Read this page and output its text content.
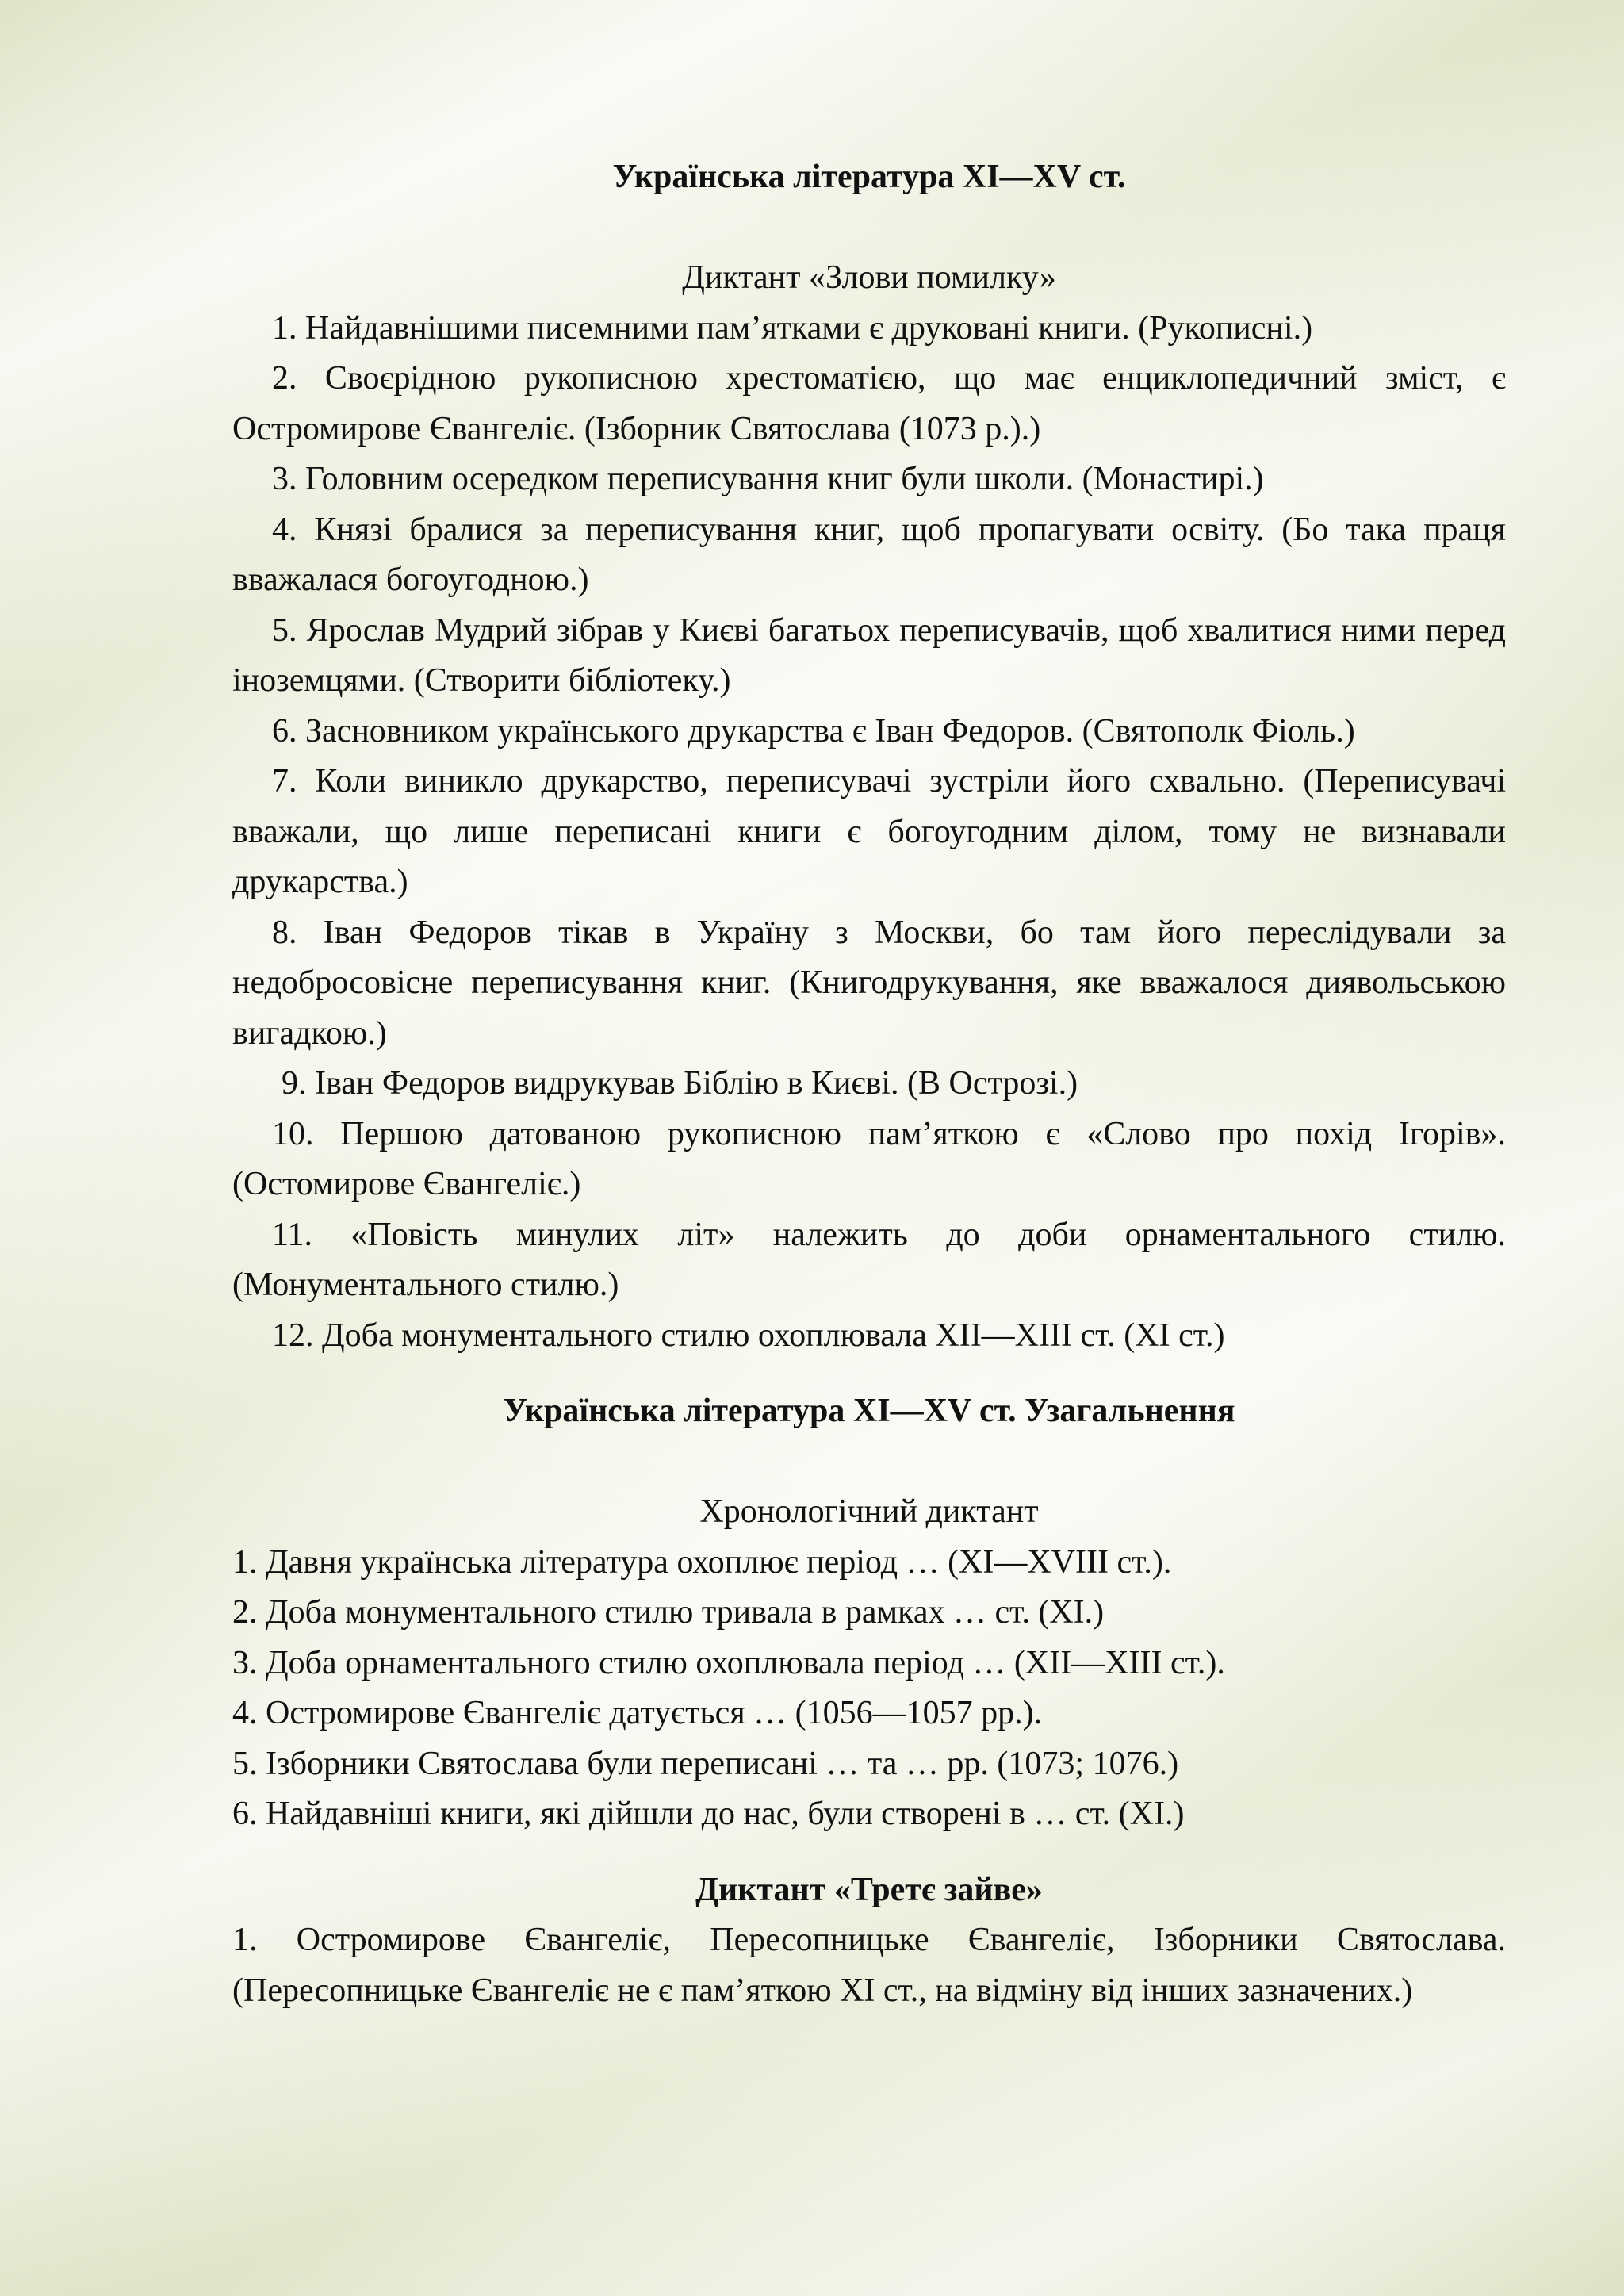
Українська література XI—XV ст.
Диктант «Злови помилку»
1. Найдавнішими писемними пам’ятками є друковані книги. (Рукописні.)
2. Своєрідною рукописною хрестоматією, що має енциклопедичний зміст, є Остромирове Євангеліє. (Ізборник Святослава (1073 р.).)
3. Головним осередком переписування книг були школи. (Монастирі.)
4. Князі бралися за переписування книг, щоб пропагувати освіту. (Бо така праця вважалася богоугодною.)
5. Ярослав Мудрий зібрав у Києві багатьох переписувачів, щоб хвалитися ними перед іноземцями. (Створити бібліотеку.)
6. Засновником українського друкарства є Іван Федоров. (Святополк Фіоль.)
7. Коли виникло друкарство, переписувачі зустріли його схвально. (Переписувачі вважали, що лише переписані книги є богоугодним ділом, тому не визнавали друкарства.)
8. Іван Федоров тікав в Україну з Москви, бо там його переслідували за недобросовісне переписування книг. (Книгодрукування, яке вважалося диявольською вигадкою.)
9. Іван Федоров видрукував Біблію в Києві. (В Острозі.)
10. Першою датованою рукописною пам’яткою є «Слово про похід Ігорів». (Остомирове Євангеліє.)
11. «Повість минулих літ» належить до доби орнаментального стилю. (Монументального стилю.)
12. Доба монументального стилю охоплювала XII—XIII ст. (XI ст.)
Українська література XI—XV ст. Узагальнення
Хронологічний диктант
1. Давня українська література охоплює період … (XI—XVIII ст.).
2. Доба монументального стилю тривала в рамках … ст. (XI.)
3. Доба орнаментального стилю охоплювала період … (XII—XIII ст.).
4. Остромирове Євангеліє датується … (1056—1057 рр.).
5. Ізборники Святослава були переписані … та … рр. (1073; 1076.)
6. Найдавніші книги, які дійшли до нас, були створені в … ст. (XI.)
Диктант «Третє зайве»
1. Остромирове Євангеліє, Пересопницьке Євангеліє, Ізборники Святослава. (Пересопницьке Євангеліє не є пам’яткою XI ст., на відміну від інших зазначених.)
